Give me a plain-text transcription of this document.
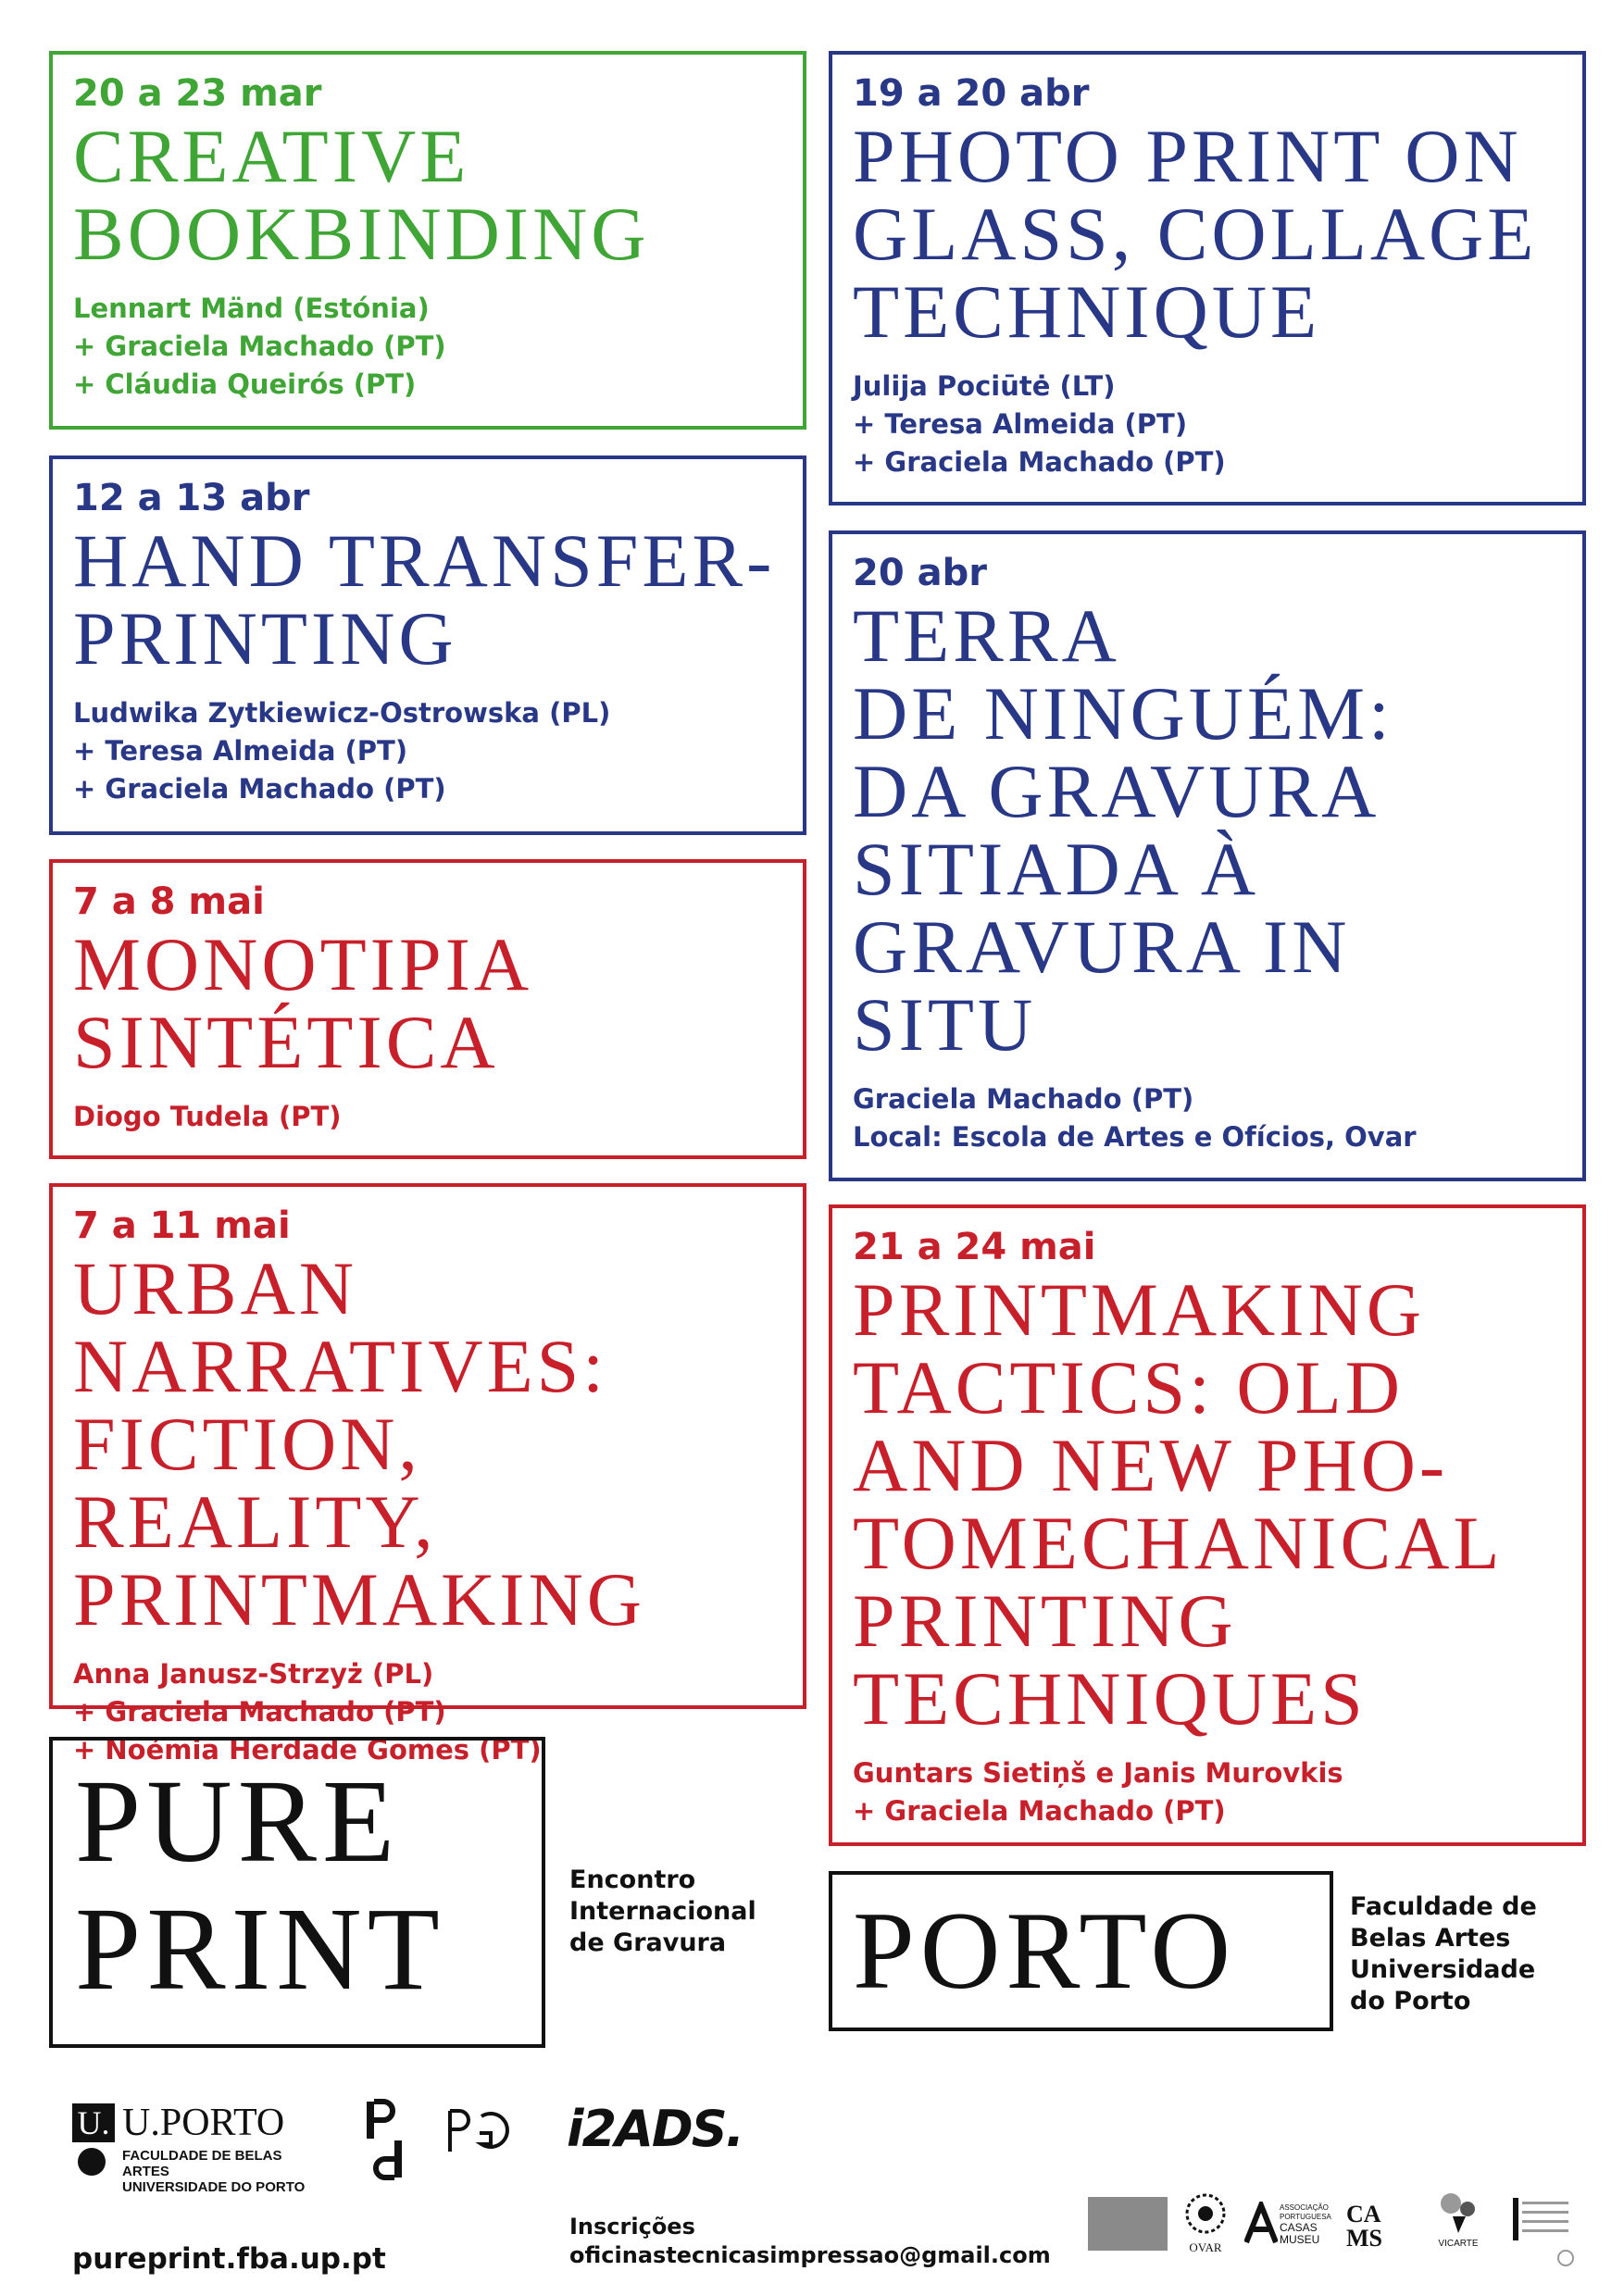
20 a 23 mar
CREATIVE
BOOKBINDING
Lennart Mänd (Estónia)
+ Graciela Machado (PT)
+ Cláudia Queirós (PT)
19 a 20 abr
PHOTO PRINT ON
GLASS, COLLAGE
TECHNIQUE
Julija Pociūtė (LT)
+ Teresa Almeida (PT)
+ Graciela Machado (PT)
12 a 13 abr
HAND TRANSFER-
PRINTING
Ludwika Zytkiewicz-Ostrowska (PL)
+ Teresa Almeida (PT)
+ Graciela Machado (PT)
20 abr
TERRA
DE NINGUÉM:
DA GRAVURA
SITIADA À
GRAVURA IN
SITU
Graciela Machado (PT)
Local: Escola de Artes e Ofícios, Ovar
7 a 8 mai
MONOTIPIA
SINTÉTICA
Diogo Tudela (PT)
7 a 11 mai
URBAN
NARRATIVES:
FICTION, REALITY,
PRINTMAKING
Anna Janusz-Strzyż (PL)
+ Graciela Machado (PT)
+ Noémia Herdade Gomes (PT)
21 a 24 mai
PRINTMAKING
TACTICS: OLD
AND NEW PHO-
TOMECHANICAL
PRINTING
TECHNIQUES
Guntars Sietiņš e Janis Murovkis
+ Graciela Machado (PT)
PURE
PRINT
Encontro
Internacional
de Gravura PORTO	Faculdade de
Belas Artes
Universidade
do Porto
U. U.PORTO
FACULDADE DE BELAS ARTES
UNIVERSIDADE DO PORTO
i2ADS.
pureprint.fba.up.pt
Inscrições
oficinastecnicasimpressao@gmail.com	OVAR
ASSOCIAÇÃO
PORTUGUESA
CASAS
MUSEU
CA
MS	VICARTE
